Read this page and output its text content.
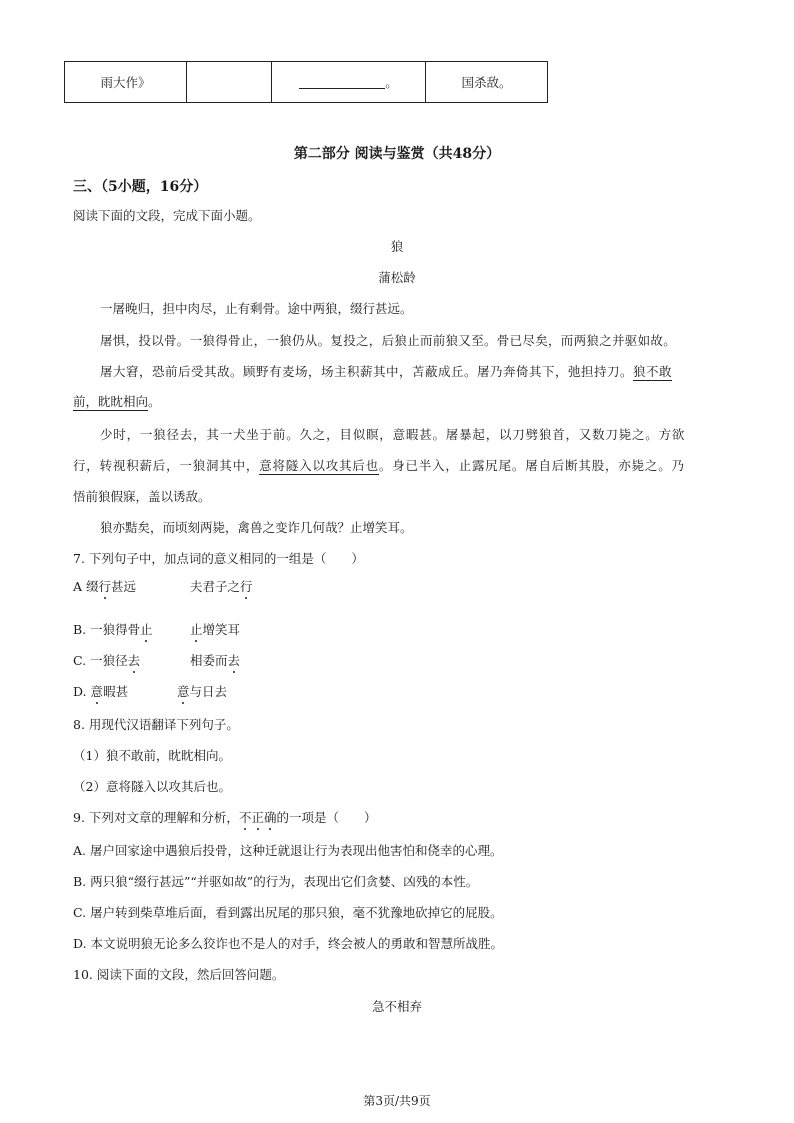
雨大作》		。	国杀敌。
第二部分 阅读与鉴赏（共48分）
三、（5小题，16分）
阅读下面的文段，完成下面小题。
狼
蒲松龄
一屠晚归，担中肉尽，止有剩骨。途中两狼，缀行甚远。
屠惧，投以骨。一狼得骨止，一狼仍从。复投之，后狼止而前狼又至。骨已尽矣，而两狼之并驱如故。
屠大窘，恐前后受其敌。顾野有麦场，场主积薪其中，苫蔽成丘。屠乃奔倚其下，弛担持刀。狼不敢
前，眈眈相向。
少时，一狼径去，其一犬坐于前。久之，目似瞑，意暇甚。屠暴起，以刀劈狼首，又数刀毙之。方欲
行，转视积薪后，一狼洞其中，意将隧入以攻其后也。身已半入，止露尻尾。屠自后断其股，亦毙之。乃
悟前狼假寐，盖以诱敌。
狼亦黠矣，而顷刻两毙，禽兽之变诈几何哉？止增笑耳。
7. 下列句子中，加点词的意义相同的一组是（　　）
A 缀行甚远	夫君子之行
B. 一狼得骨止	止增笑耳
C. 一狼径去	相委而去
D. 意暇甚	意与日去
8. 用现代汉语翻译下列句子。
（1）狼不敢前，眈眈相向。
（2）意将隧入以攻其后也。
9. 下列对文章的理解和分析，不正确的一项是（　　）
A. 屠户回家途中遇狼后投骨，这种迁就退让行为表现出他害怕和侥幸的心理。
B. 两只狼“缀行甚远”“并驱如故”的行为，表现出它们贪婪、凶残的本性。
C. 屠户转到柴草堆后面，看到露出尻尾的那只狼，毫不犹豫地砍掉它的屁股。
D. 本文说明狼无论多么狡诈也不是人的对手，终会被人的勇敢和智慧所战胜。
10. 阅读下面的文段，然后回答问题。
急不相弃
第3页/共9页
